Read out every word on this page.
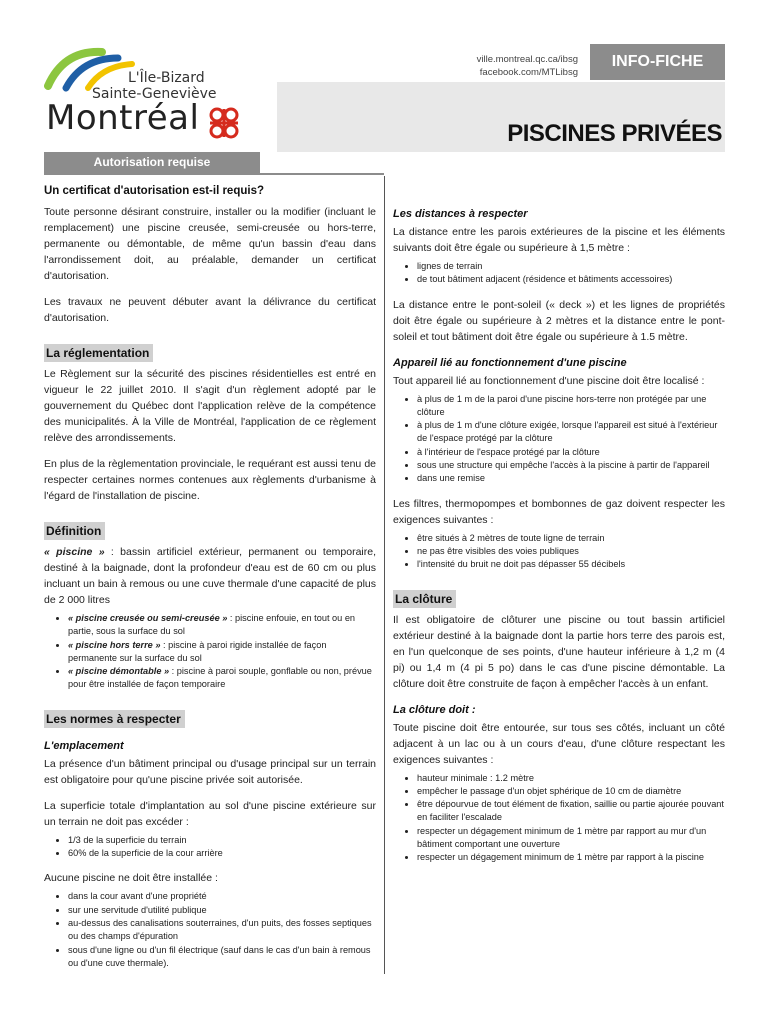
L'Île-Bizard
Sainte-Geneviève
Montréal
ville.montreal.qc.ca/ibsg
facebook.com/MTLibsg
INFO-FICHE
PISCINES PRIVÉES
Autorisation requise
Un certificat d'autorisation est-il requis?

Toute personne désirant construire, installer ou la modifier (incluant le remplacement) une piscine creusée, semi-creusée ou hors-terre, permanente ou démontable, de même qu'un bassin d'eau dans l'arrondissement doit, au préalable, demander un certificat d'autorisation.

Les travaux ne peuvent débuter avant la délivrance du certificat d'autorisation.

La réglementation

Le Règlement sur la sécurité des piscines résidentielles est entré en vigueur le 22 juillet 2010. Il s'agit d'un règlement adopté par le gouvernement du Québec dont l'application relève de la compétence des municipalités. À la Ville de Montréal, l'application de ce règlement relève des arrondissements.

En plus de la règlementation provinciale, le requérant est aussi tenu de respecter certaines normes contenues aux règlements d'urbanisme à l'égard de l'installation de piscine.

Définition

« piscine » : bassin artificiel extérieur, permanent ou temporaire, destiné à la baignade, dont la profondeur d'eau est de 60 cm ou plus incluant un bain à remous ou une cuve thermale d'une capacité de plus de 2 000 litres

• « piscine creusée ou semi-creusée » : piscine enfouie, en tout ou en partie, sous la surface du sol
• « piscine hors terre » : piscine à paroi rigide installée de façon permanente sur la surface du sol
• « piscine démontable » : piscine à paroi souple, gonflable ou non, prévue pour être installée de façon temporaire
Les normes à respecter
L'emplacement

La présence d'un bâtiment principal ou d'usage principal sur un terrain est obligatoire pour qu'une piscine privée soit autorisée.

La superficie totale d'implantation au sol d'une piscine extérieure sur un terrain ne doit pas excéder :

• 1/3 de la superficie du terrain
• 60% de la superficie de la cour arrière

Aucune piscine ne doit être installée :

• dans la cour avant d'une propriété
• sur une servitude d'utilité publique
• au-dessus des canalisations souterraines, d'un puits, des fosses septiques ou des champs d'épuration
• sous d'une ligne ou d'un fil électrique (sauf dans le cas d'un bain à remous ou d'une cuve thermale).
Les distances à respecter

La distance entre les parois extérieures de la piscine et les éléments suivants doit être égale ou supérieure à 1,5 mètre :

• lignes de terrain
• de tout bâtiment adjacent (résidence et bâtiments accessoires)

La distance entre le pont-soleil (« deck ») et les lignes de propriétés doit être égale ou supérieure à 2 mètres et la distance entre le pont-soleil et tout bâtiment doit être égale ou supérieure à 1.5 mètre.

Appareil lié au fonctionnement d'une piscine

Tout appareil lié au fonctionnement d'une piscine doit être localisé :

• à plus de 1 m de la paroi d'une piscine hors-terre non protégée par une clôture
• à plus de 1 m d'une clôture exigée, lorsque l'appareil est situé à l'extérieur de l'espace protégé par la clôture
• à l'intérieur de l'espace protégé par la clôture
• sous une structure qui empêche l'accès à la piscine à partir de l'appareil
• dans une remise

Les filtres, thermopompes et bombonnes de gaz doivent respecter les exigences suivantes :

• être situés à 2 mètres de toute ligne de terrain
• ne pas être visibles des voies publiques
• l'intensité du bruit ne doit pas dépasser 55 décibels
La clôture

Il est obligatoire de clôturer une piscine ou tout bassin artificiel extérieur destiné à la baignade dont la partie hors terre des parois est, en l'un quelconque de ses points, d'une hauteur inférieure à 1,2 m (4 pi) ou 1,4 m (4 pi 5 po) dans le cas d'une piscine démontable. La clôture doit être construite de façon à empêcher l'accès à un enfant.

La clôture doit :

Toute piscine doit être entourée, sur tous ses côtés, incluant un côté adjacent à un lac ou à un cours d'eau, d'une clôture respectant les exigences suivantes :

• hauteur minimale : 1.2 mètre
• empêcher le passage d'un objet sphérique de 10 cm de diamètre
• être dépourvue de tout élément de fixation, saillie ou partie ajourée pouvant en faciliter l'escalade
• respecter un dégagement minimum de 1 mètre par rapport au mur d'un bâtiment comportant une ouverture
• respecter un dégagement minimum de 1 mètre par rapport à la piscine
